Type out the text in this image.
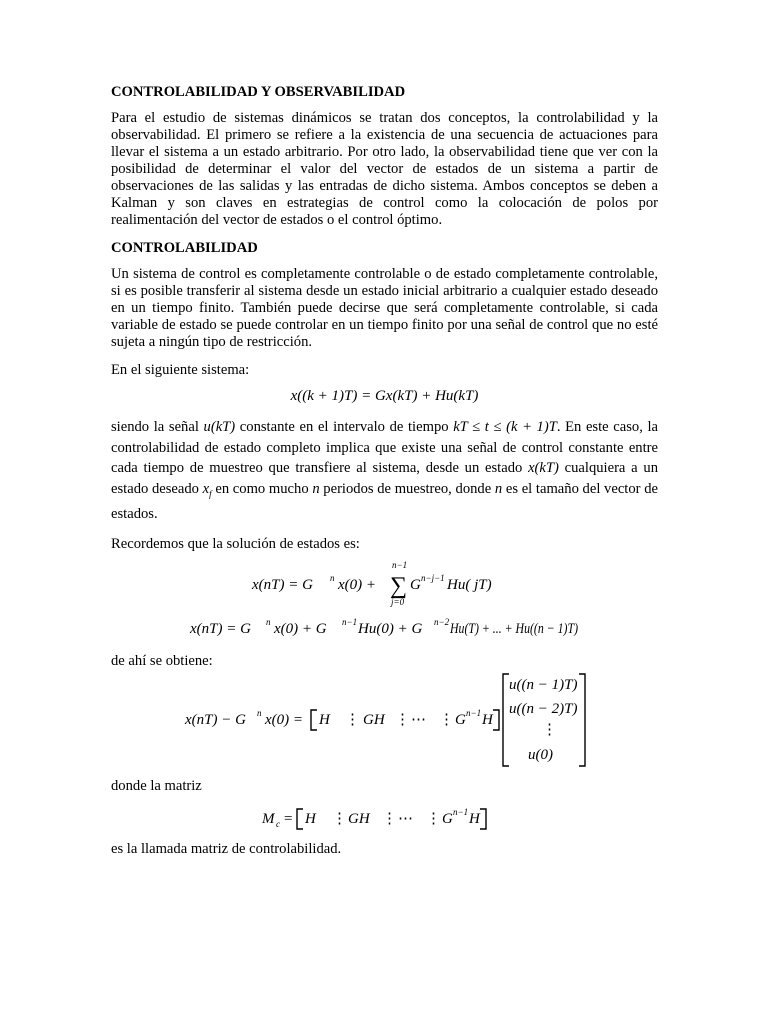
CONTROLABILIDAD Y OBSERVABILIDAD

Para el estudio de sistemas dinámicos se tratan dos conceptos, la controlabilidad y la observabilidad. El primero se refiere a la existencia de una secuencia de actuaciones para llevar el sistema a un estado arbitrario. Por otro lado, la observabilidad tiene que ver con la posibilidad de determinar el valor del vector de estados de un sistema a partir de observaciones de las salidas y las entradas de dicho sistema. Ambos conceptos se deben a Kalman y son claves en estrategias de control como la colocación de polos por realimentación del vector de estados o el control óptimo.

CONTROLABILIDAD

Un sistema de control es completamente controlable o de estado completamente controlable, si es posible transferir al sistema desde un estado inicial arbitrario a cualquier estado deseado en un tiempo finito. También puede decirse que será completamente controlable, si cada variable de estado se puede controlar en un tiempo finito por una señal de control que no esté sujeta a ningún tipo de restricción.

En el siguiente sistema:

x((k + 1)T) = Gx(kT) + Hu(kT)

siendo la señal u(kT) constante en el intervalo de tiempo kT ≤ t ≤ (k + 1)T. En este caso, la controlabilidad de estado completo implica que existe una señal de control constante entre cada tiempo de muestreo que transfiere al sistema, desde un estado x(kT) cualquiera a un estado deseado $x_f$ en como mucho n periodos de muestreo, donde n es el tamaño del vector de estados.

Recordemos que la solución de estados es:

x(nT) = G n x(0) +
n−1
∑
j=0
G n−j−1 Hu( jT)
x(nT) = G n x(0) + G n−1 Hu(0) + G n−2 Hu(T) + ... + Hu((n − 1)T)

de ahí se obtiene:

x(nT) − G n x(0) = H ⋮ GH ⋮ ⋯ ⋮ G n−1 H
u((n − 1)T)
u((n − 2)T)
⋮
u(0)

donde la matriz

M c = H ⋮ GH ⋮ ⋯ ⋮ G n−1 H

es la llamada matriz de controlabilidad.
